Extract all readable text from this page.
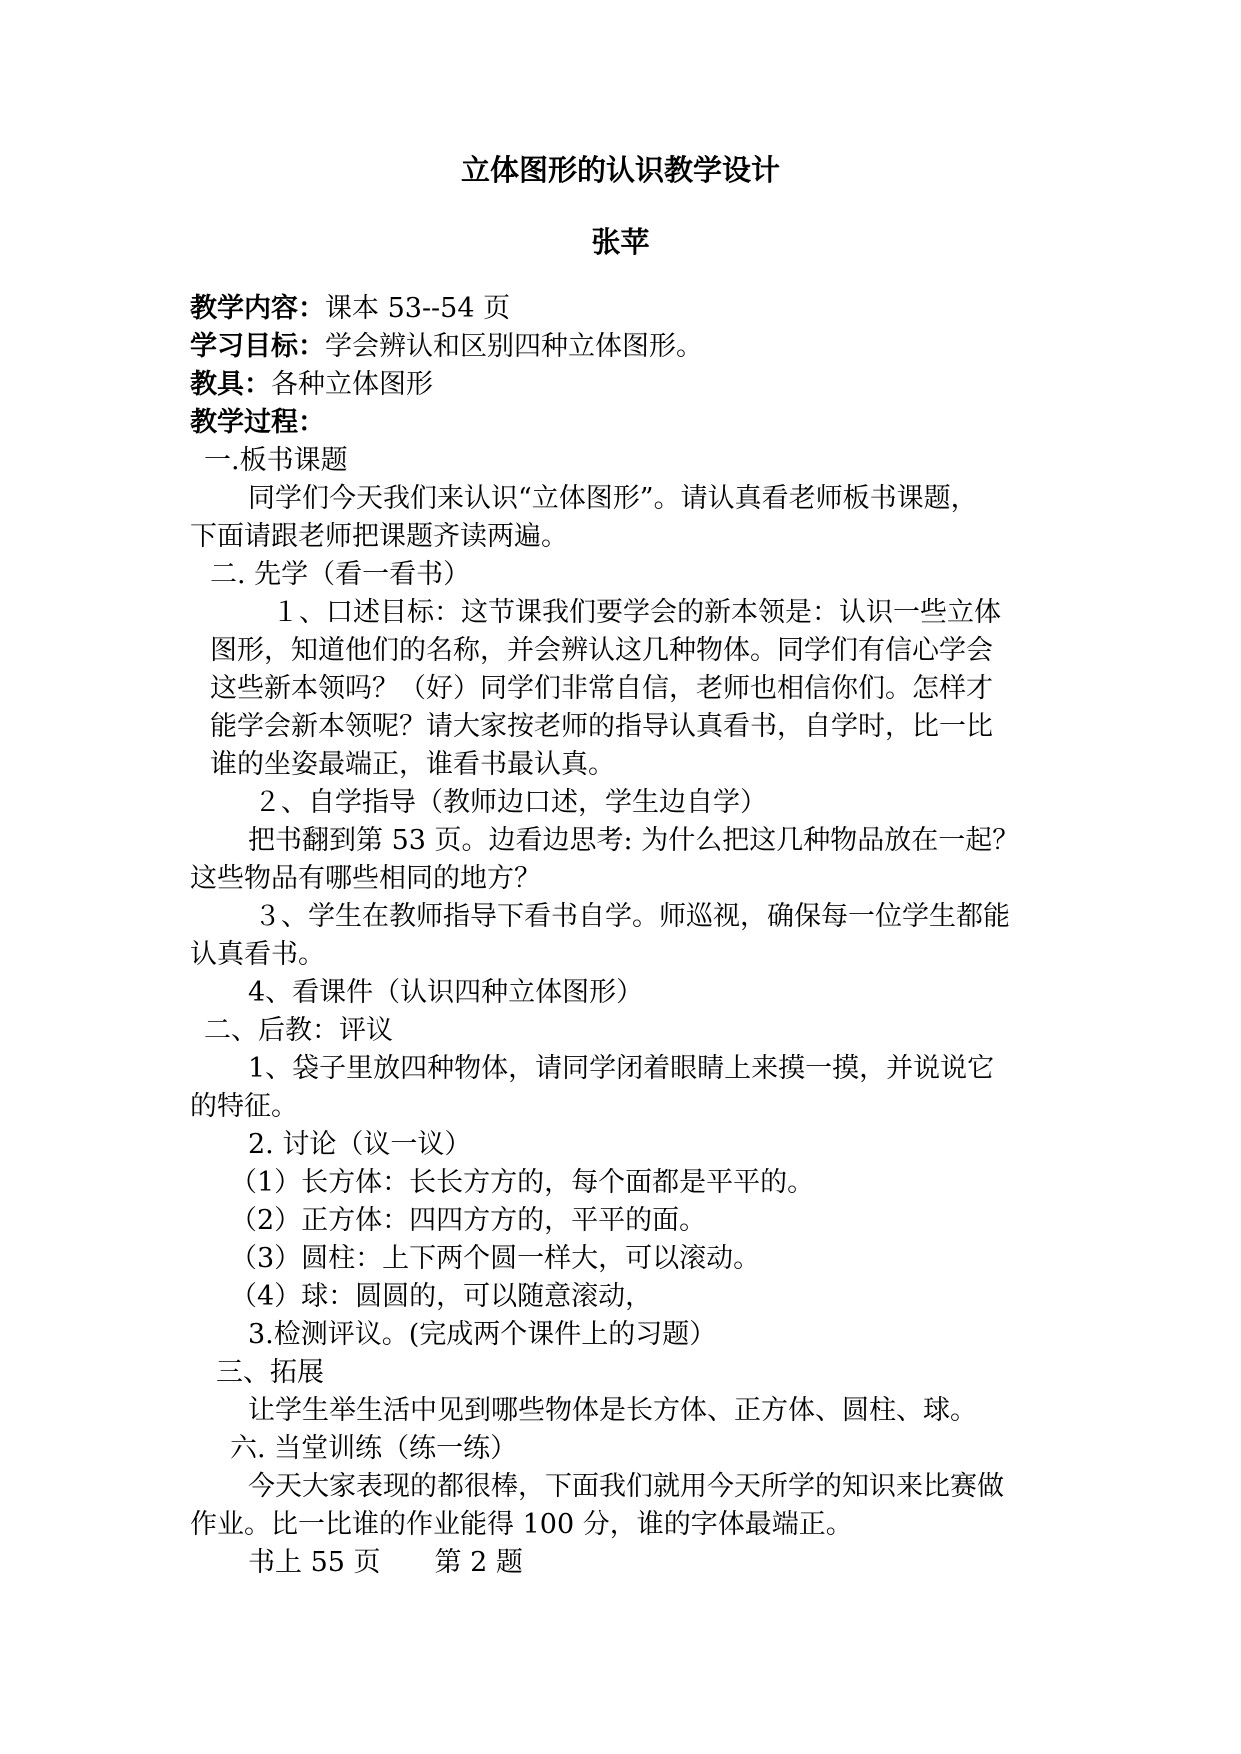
立体图形的认识教学设计
张苹
教学内容：课本 53--54 页
学习目标：学会辨认和区别四种立体图形。
教具：各种立体图形
教学过程：
一.板书课题
同学们今天我们来认识“立体图形”。请认真看老师板书课题，
下面请跟老师把课题齐读两遍。
二. 先学（看一看书）
１、口述目标：这节课我们要学会的新本领是：认识一些立体
图形，知道他们的名称，并会辨认这几种物体。同学们有信心学会
这些新本领吗？（好）同学们非常自信，老师也相信你们。怎样才
能学会新本领呢？请大家按老师的指导认真看书，自学时，比一比
谁的坐姿最端正，谁看书最认真。
２、自学指导（教师边口述，学生边自学）
把书翻到第 53 页。边看边思考: 为什么把这几种物品放在一起？
这些物品有哪些相同的地方？
３、学生在教师指导下看书自学。师巡视，确保每一位学生都能
认真看书。
4、看课件（认识四种立体图形）
二、后教：评议
1、袋子里放四种物体，请同学闭着眼睛上来摸一摸，并说说它
的特征。
2. 讨论（议一议）
（1）长方体：长长方方的，每个面都是平平的。
（2）正方体：四四方方的，平平的面。
（3）圆柱：上下两个圆一样大，可以滚动。
（4）球：圆圆的，可以随意滚动，
3.检测评议。(完成两个课件上的习题）
三、拓展
让学生举生活中见到哪些物体是长方体、正方体、圆柱、球。
六. 当堂训练（练一练）
今天大家表现的都很棒，下面我们就用今天所学的知识来比赛做
作业。比一比谁的作业能得 100 分，谁的字体最端正。
书上 55 页　　第 2 题
